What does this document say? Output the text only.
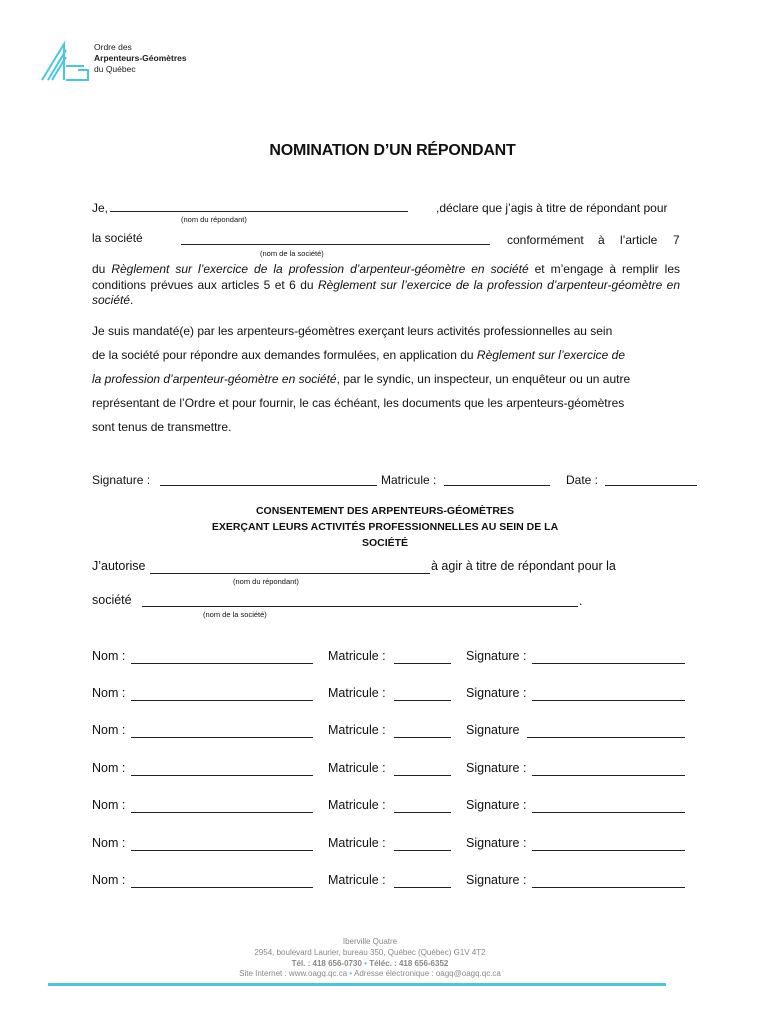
Ordre des
Arpenteurs-Géomètres
du Québec
NOMINATION D’UN RÉPONDANT
Je,	,déclare que j’agis à titre de répondant pour
(nom du répondant)
la société	conformément à l’article 7
(nom de la société)
du Règlement sur l’exercice de la profession d’arpenteur-géomètre en société et m’engage à remplir les conditions prévues aux articles 5 et 6 du Règlement sur l’exercice de la profession d’arpenteur-géomètre en société.
Je suis mandaté(e) par les arpenteurs-géomètres exerçant leurs activités professionnelles au sein
de la société pour répondre aux demandes formulées, en application du Règlement sur l’exercice de
la profession d’arpenteur-géomètre en société, par le syndic, un inspecteur, un enquêteur ou un autre
représentant de l’Ordre et pour fournir, le cas échéant, les documents que les arpenteurs-géomètres
sont tenus de transmettre.
Signature :	Matricule :	Date :
CONSENTEMENT DES ARPENTEURS-GÉOMÈTRES
EXERÇANT LEURS ACTIVITÉS PROFESSIONNELLES AU SEIN DE LA
SOCIÉTÉ
J’autorise	à agir à titre de répondant pour la
(nom du répondant)
société	.
(nom de la société)
Nom :	Matricule :	Signature :
Nom :	Matricule :	Signature :
Nom :	Matricule :	Signature
Nom :	Matricule :	Signature :
Nom :	Matricule :	Signature :
Nom :	Matricule :	Signature :
Nom :	Matricule :	Signature :
Iberville Quatre
2954, boulevard Laurier, bureau 350, Québec (Québec) G1V 4T2
Tél. : 418 656-0730 • Téléc. : 418 656-6352
Site Internet : www.oagq.qc.ca • Adresse électronique : oagq@oagq.qc.ca
